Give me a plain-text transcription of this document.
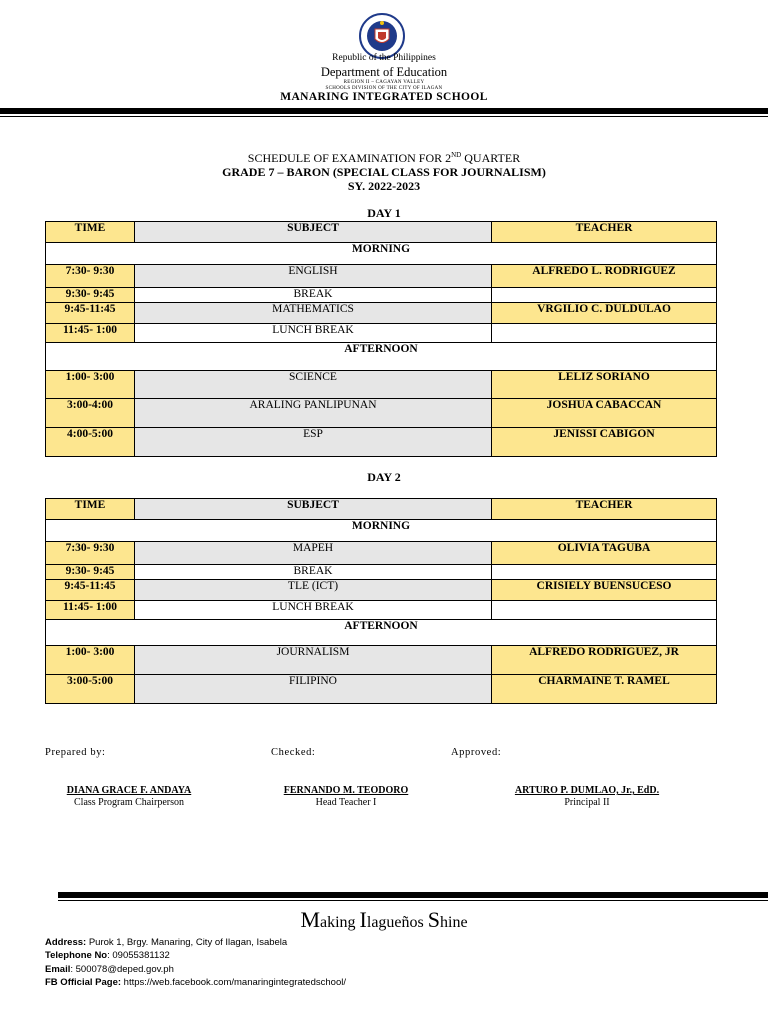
Republic of the Philippines
Department of Education
REGION II – CAGAYAN VALLEY
SCHOOLS DIVISION OF THE CITY OF ILAGAN
MANARING INTEGRATED SCHOOL
SCHEDULE OF EXAMINATION FOR 2ND QUARTER
GRADE 7 – BARON (SPECIAL CLASS FOR JOURNALISM)
SY. 2022-2023
DAY 1
TIME	SUBJECT	TEACHER
MORNING		
7:30- 9:30	ENGLISH	ALFREDO L. RODRIGUEZ
9:30- 9:45	BREAK	
9:45-11:45	MATHEMATICS	VRGILIO C. DULDULAO
11:45- 1:00	LUNCH BREAK	
AFTERNOON		
1:00- 3:00	SCIENCE	LELIZ SORIANO
3:00-4:00	ARALING PANLIPUNAN	JOSHUA CABACCAN
4:00-5:00	ESP	JENISSI CABIGON
DAY 2
TIME	SUBJECT	TEACHER
MORNING		
7:30- 9:30	MAPEH	OLIVIA TAGUBA
9:30- 9:45	BREAK	
9:45-11:45	TLE (ICT)	CRISIELY BUENSUCESO
11:45- 1:00	LUNCH BREAK	
AFTERNOON		
1:00- 3:00	JOURNALISM	ALFREDO RODRIGUEZ, JR
3:00-5:00	FILIPINO	CHARMAINE T. RAMEL
Prepared by:	Checked:	Approved:
DIANA GRACE F. ANDAYA
Class Program Chairperson
FERNANDO M. TEODORO
Head Teacher I
ARTURO P. DUMLAO, Jr., EdD.
Principal II
Making Ilagueños Shine
Address: Purok 1, Brgy. Manaring, City of Ilagan, Isabela
Telephone No: 09055381132
Email: 500078@deped.gov.ph
FB Official Page: https://web.facebook.com/manaringintegratedschool/
